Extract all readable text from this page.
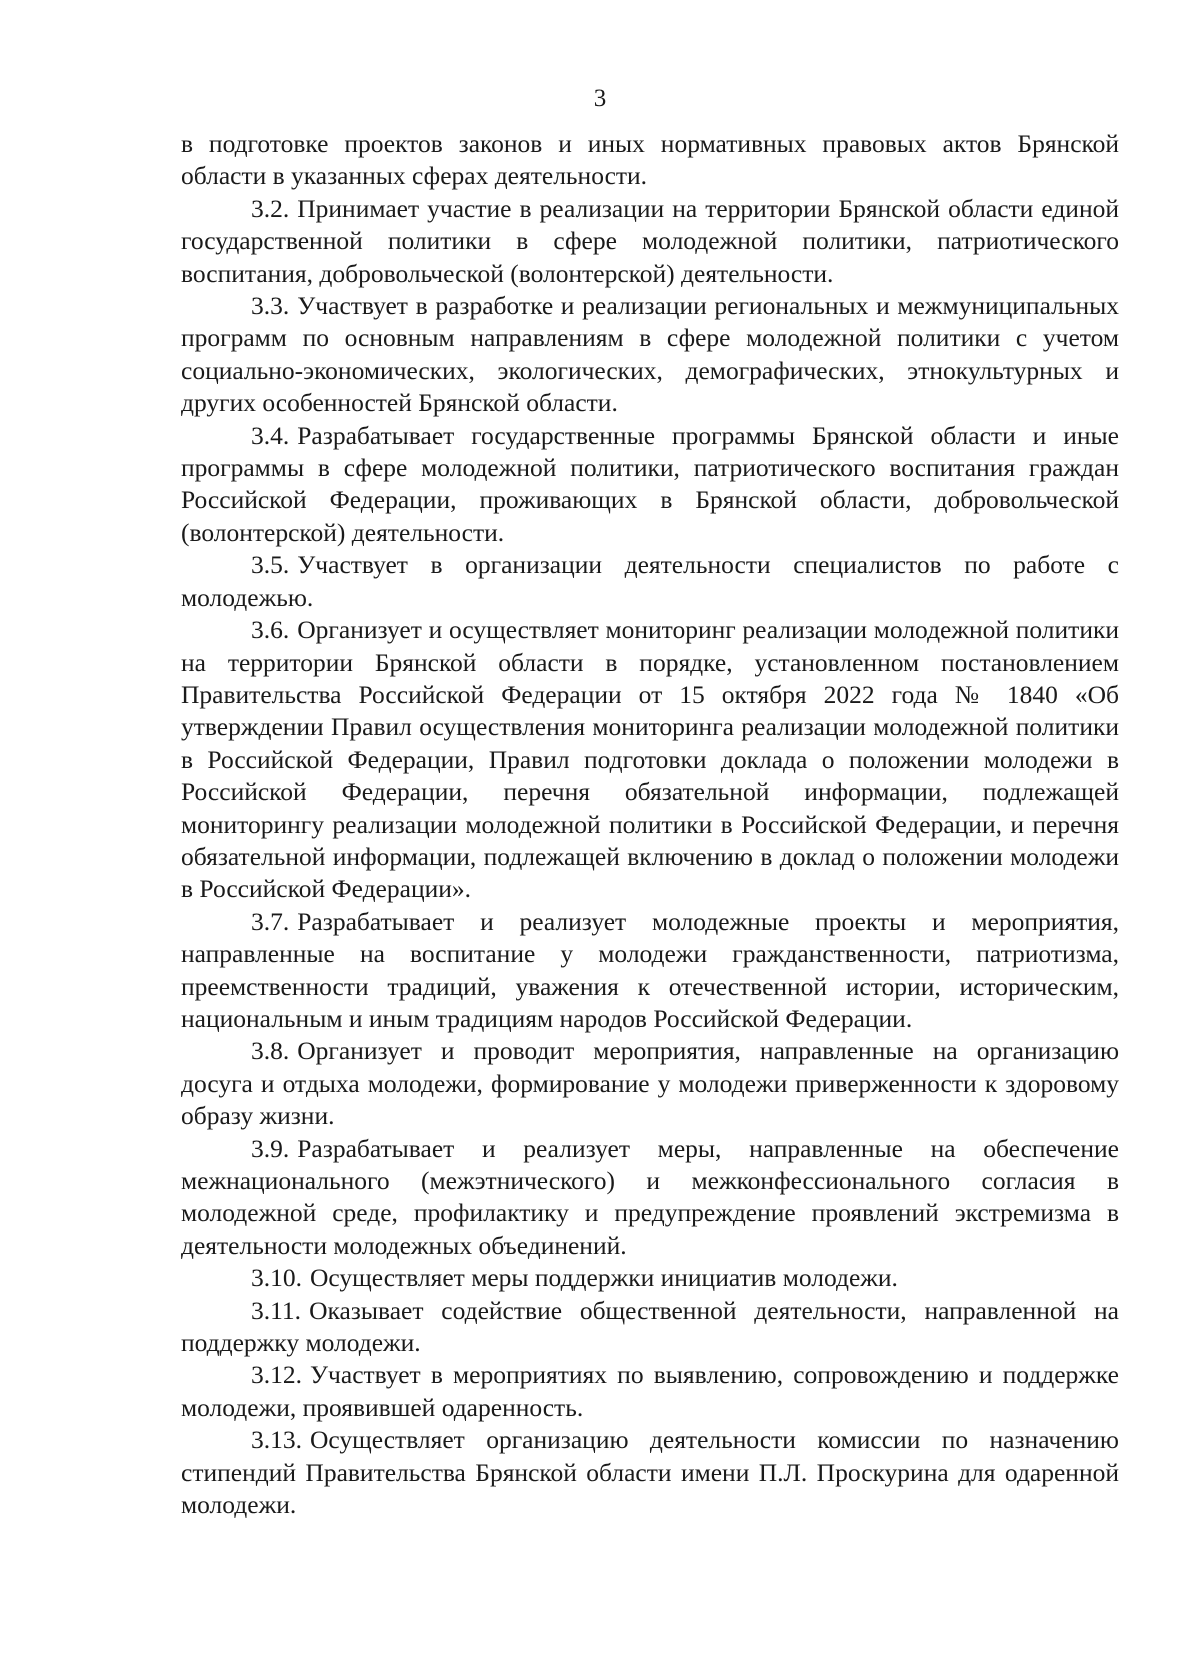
3

в подготовке проектов законов и иных нормативных правовых актов Брянской области в указанных сферах деятельности.

3.2. Принимает участие в реализации на территории Брянской области единой государственной политики в сфере молодежной политики, патриотического воспитания, добровольческой (волонтерской) деятельности.

3.3. Участвует в разработке и реализации региональных и межмуниципальных программ по основным направлениям в сфере молодежной политики с учетом социально-экономических, экологических, демографических, этнокультурных и других особенностей Брянской области.

3.4. Разрабатывает государственные программы Брянской области и иные программы в сфере молодежной политики, патриотического воспитания граждан Российской Федерации, проживающих в Брянской области, добровольческой (волонтерской) деятельности.

3.5. Участвует в организации деятельности специалистов по работе с молодежью.

3.6. Организует и осуществляет мониторинг реализации молодежной политики на территории Брянской области в порядке, установленном постановлением Правительства Российской Федерации от 15 октября 2022 года № 1840 «Об утверждении Правил осуществления мониторинга реализации молодежной политики в Российской Федерации, Правил подготовки доклада о положении молодежи в Российской Федерации, перечня обязательной информации, подлежащей мониторингу реализации молодежной политики в Российской Федерации, и перечня обязательной информации, подлежащей включению в доклад о положении молодежи в Российской Федерации».

3.7. Разрабатывает и реализует молодежные проекты и мероприятия, направленные на воспитание у молодежи гражданственности, патриотизма, преемственности традиций, уважения к отечественной истории, историческим, национальным и иным традициям народов Российской Федерации.

3.8. Организует и проводит мероприятия, направленные на организацию досуга и отдыха молодежи, формирование у молодежи приверженности к здоровому образу жизни.

3.9. Разрабатывает и реализует меры, направленные на обеспечение межнационального (межэтнического) и межконфессионального согласия в молодежной среде, профилактику и предупреждение проявлений экстремизма в деятельности молодежных объединений.

3.10. Осуществляет меры поддержки инициатив молодежи.

3.11. Оказывает содействие общественной деятельности, направленной на поддержку молодежи.

3.12. Участвует в мероприятиях по выявлению, сопровождению и поддержке молодежи, проявившей одаренность.

3.13. Осуществляет организацию деятельности комиссии по назначению стипендий Правительства Брянской области имени П.Л. Проскурина для одаренной молодежи.
